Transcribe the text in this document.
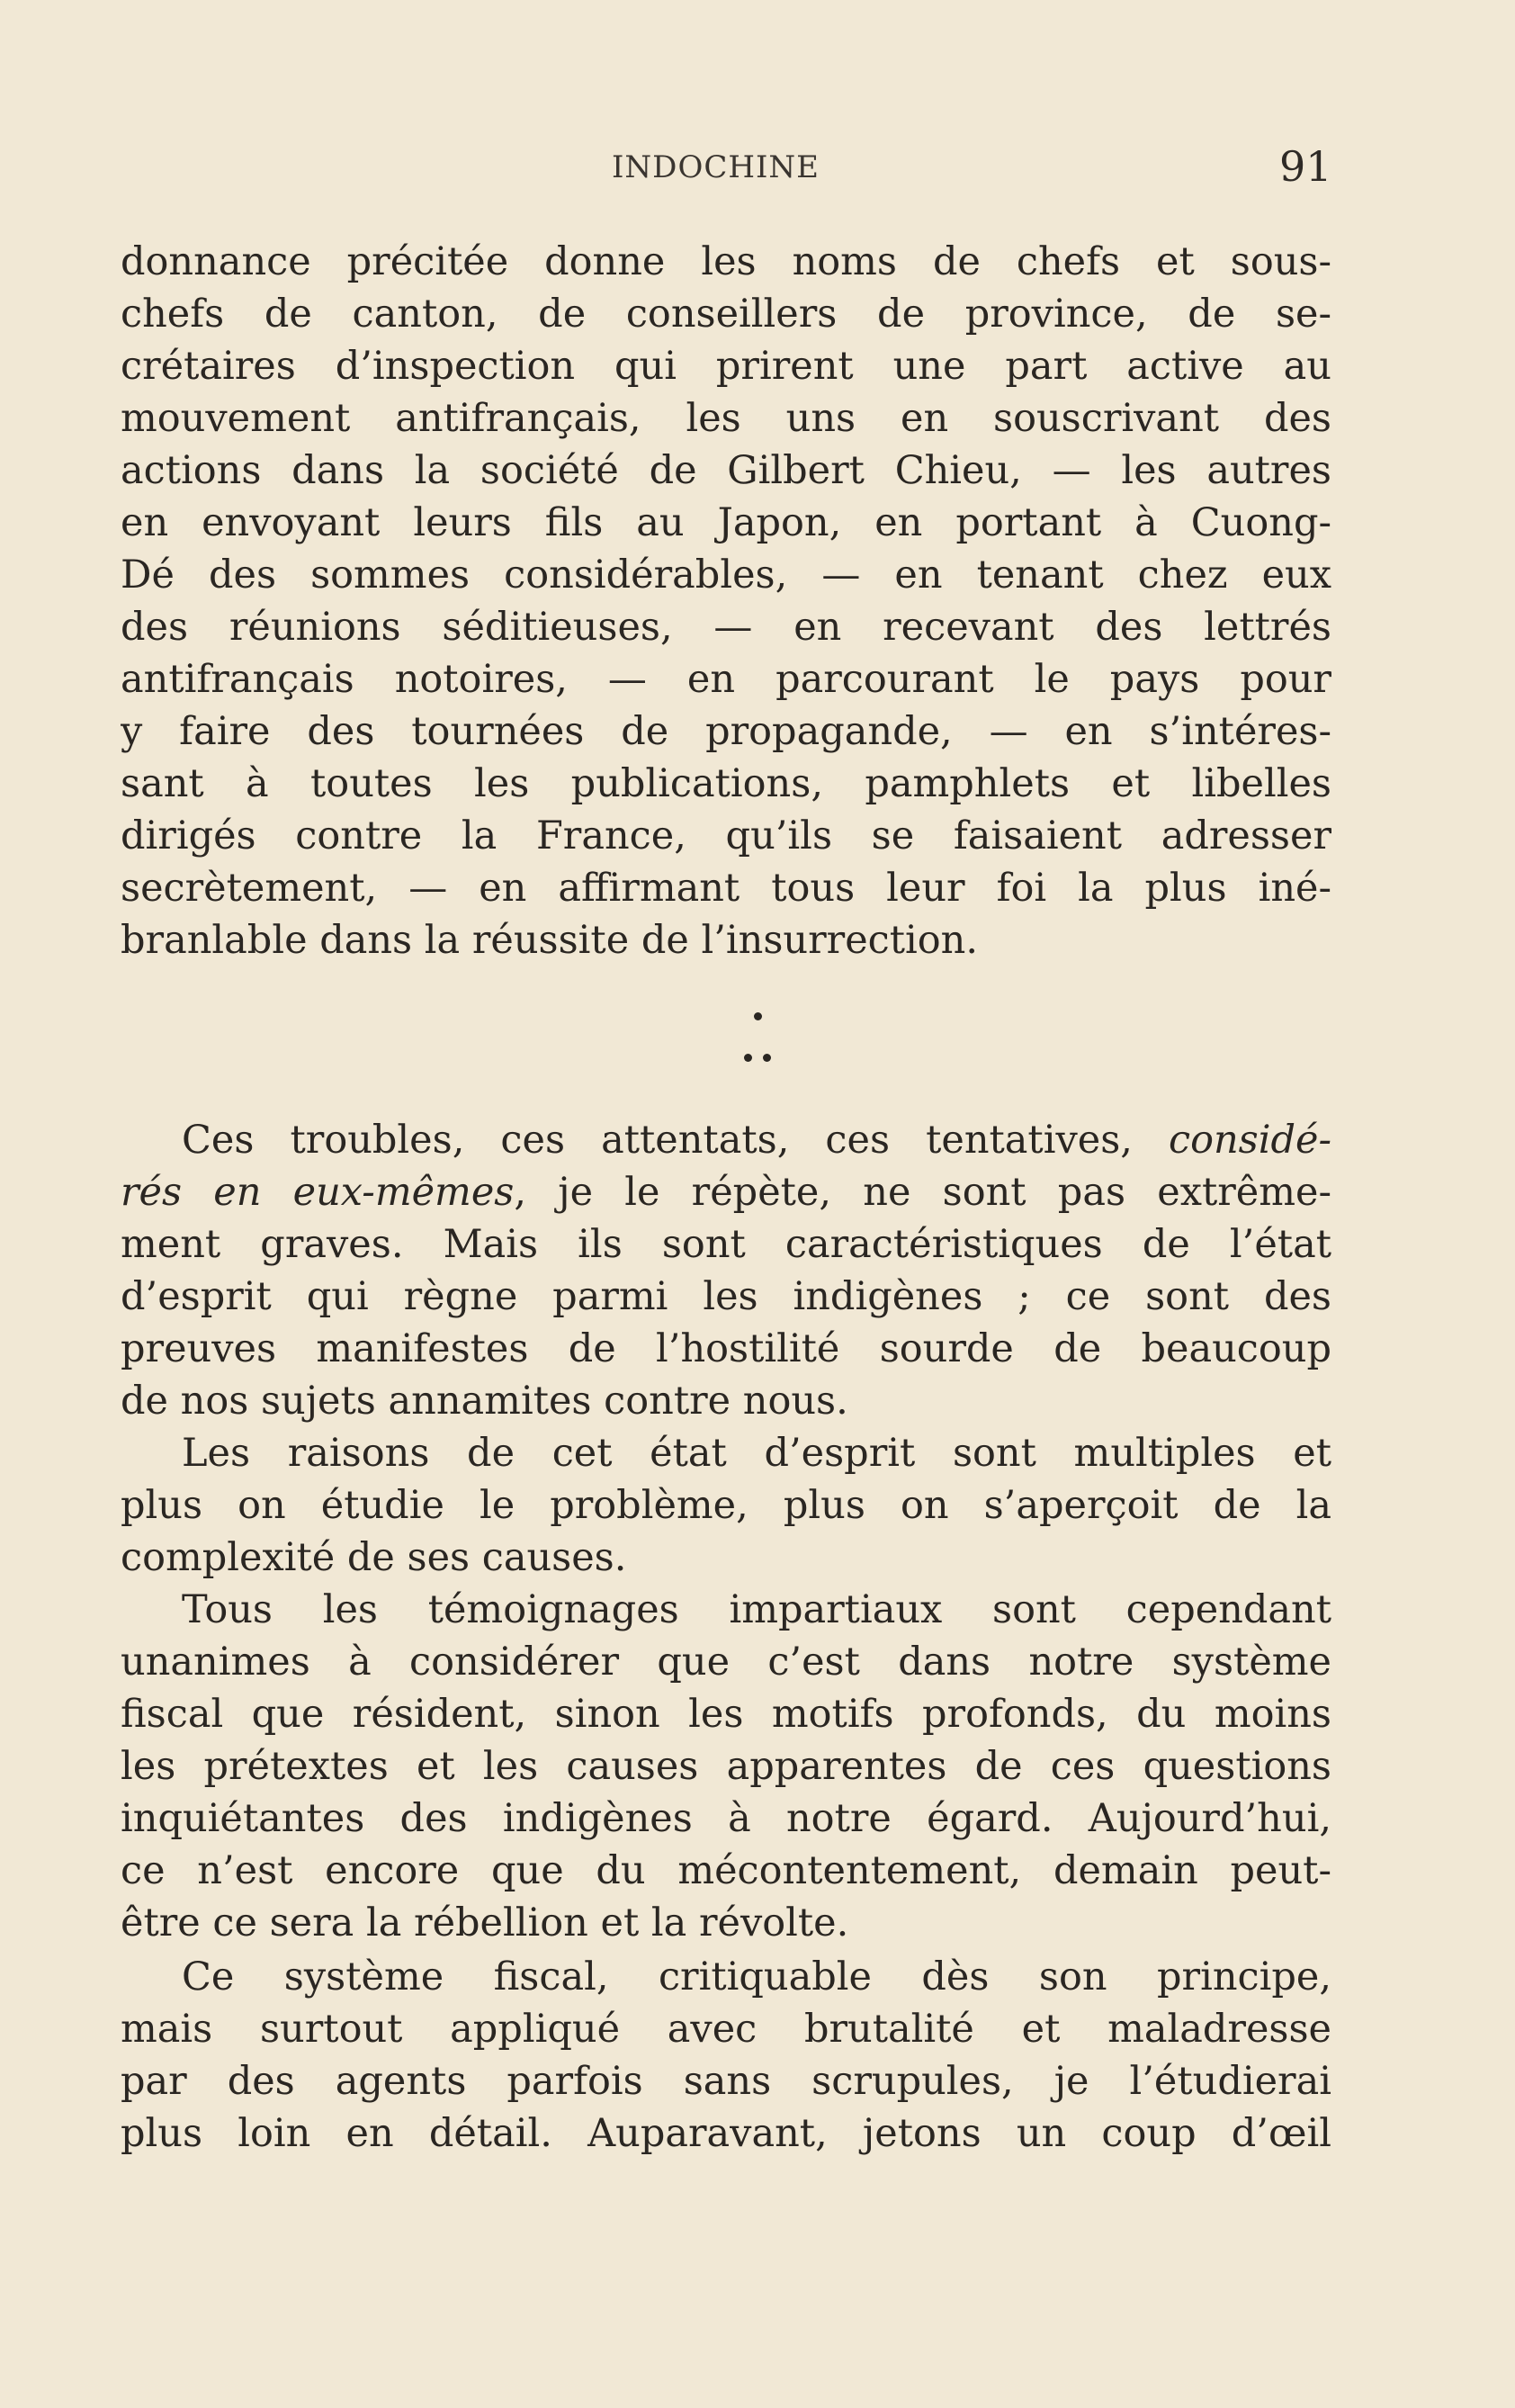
INDOCHINE	91
donnance précitée donne les noms de chefs et sous-
chefs de canton, de conseillers de province, de se-
crétaires d’inspection qui prirent une part active au
mouvement antifrançais, les uns en souscrivant des
actions dans la société de Gilbert Chieu, — les autres
en envoyant leurs fils au Japon, en portant à Cuong-
Dé des sommes considérables, — en tenant chez eux
des réunions séditieuses, — en recevant des lettrés
antifrançais notoires, — en parcourant le pays pour
y faire des tournées de propagande, — en s’intéres-
sant à toutes les publications, pamphlets et libelles
dirigés contre la France, qu’ils se faisaient adresser
secrètement, — en affirmant tous leur foi la plus iné-
branlable dans la réussite de l’insurrection.
Ces troubles, ces attentats, ces tentatives, considé-
rés en eux-mêmes, je le répète, ne sont pas extrême-
ment graves. Mais ils sont caractéristiques de l’état
d’esprit qui règne parmi les indigènes ; ce sont des
preuves manifestes de l’hostilité sourde de beaucoup
de nos sujets annamites contre nous.
Les raisons de cet état d’esprit sont multiples et
plus on étudie le problème, plus on s’aperçoit de la
complexité de ses causes.
Tous les témoignages impartiaux sont cependant
unanimes à considérer que c’est dans notre système
fiscal que résident, sinon les motifs profonds, du moins
les prétextes et les causes apparentes de ces questions
inquiétantes des indigènes à notre égard. Aujourd’hui,
ce n’est encore que du mécontentement, demain peut-
être ce sera la rébellion et la révolte.
Ce système fiscal, critiquable dès son principe,
mais surtout appliqué avec brutalité et maladresse
par des agents parfois sans scrupules, je l’étudierai
plus loin en détail. Auparavant, jetons un coup d’œil
